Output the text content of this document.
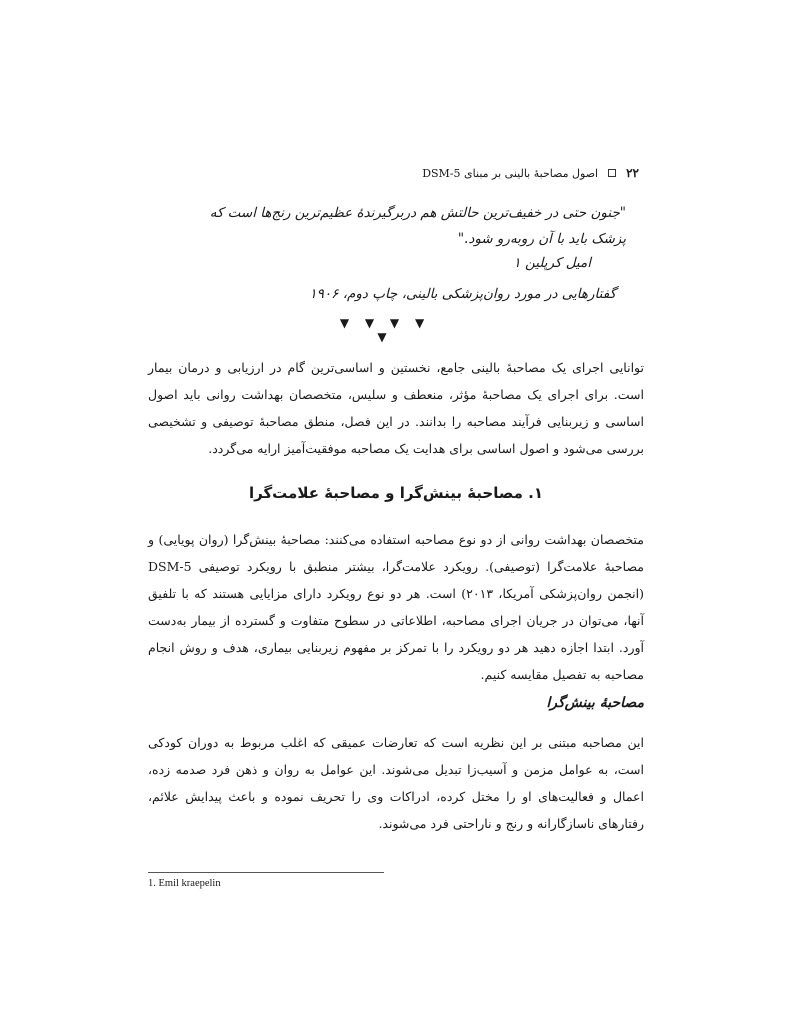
۲۲
اصول مصاحبهٔ بالینی بر مبنای DSM-5
"جنون حتی در خفیف‌ترین حالتش هم دربرگیرندهٔ عظیم‌ترین رنج‌ها است که پزشک باید با آن روبه‌رو شود."
امیل کرپلین ۱
گفتارهایی در مورد روان‌پزشکی بالینی، چاپ دوم، ۱۹۰۶
▼ ▼ ▼ ▼ ▼
توانایی اجرای یک مصاحبهٔ بالینی جامع، نخستین و اساسی‌ترین گام در ارزیابی و درمان بیمار است. برای اجرای یک مصاحبهٔ مؤثر، منعطف و سلیس، متخصصان بهداشت روانی باید اصول اساسی و زیربنایی فرآیند مصاحبه را بدانند. در این فصل، منطق مصاحبهٔ توصیفی و تشخیصی بررسی می‌شود و اصول اساسی برای هدایت یک مصاحبه موفقیت‌آمیز ارایه می‌گردد.
۱. مصاحبهٔ بینش‌گرا و مصاحبهٔ علامت‌گرا
متخصصان بهداشت روانی از دو نوع مصاحبه استفاده می‌کنند: مصاحبهٔ بینش‌گرا (روان پویایی) و مصاحبهٔ علامت‌گرا (توصیفی). رویکرد علامت‌گرا، بیشتر منطبق با رویکرد توصیفی DSM-5 (انجمن روان‌پزشکی آمریکا، ۲۰۱۳) است. هر دو نوع رویکرد دارای مزایایی هستند که با تلفیق آنها، می‌توان در جریان اجرای مصاحبه، اطلاعاتی در سطوح متفاوت و گسترده از بیمار به‌دست آورد. ابتدا اجازه دهید هر دو رویکرد را با تمرکز بر مفهوم زیربنایی بیماری، هدف و روش انجام مصاحبه به تفصیل مقایسه کنیم.
مصاحبهٔ بینش‌گرا
این مصاحبه مبتنی بر این نظریه است که تعارضات عمیقی که اغلب مربوط به دوران کودکی است، به عوامل مزمن و آسیب‌زا تبدیل می‌شوند. این عوامل به روان و ذهن فرد صدمه زده، اعمال و فعالیت‌های او را مختل کرده، ادراکات وی را تحریف نموده و باعث پیدایش علائم، رفتارهای ناسازگارانه و رنج و ناراحتی فرد می‌شوند.
1. Emil kraepelin
